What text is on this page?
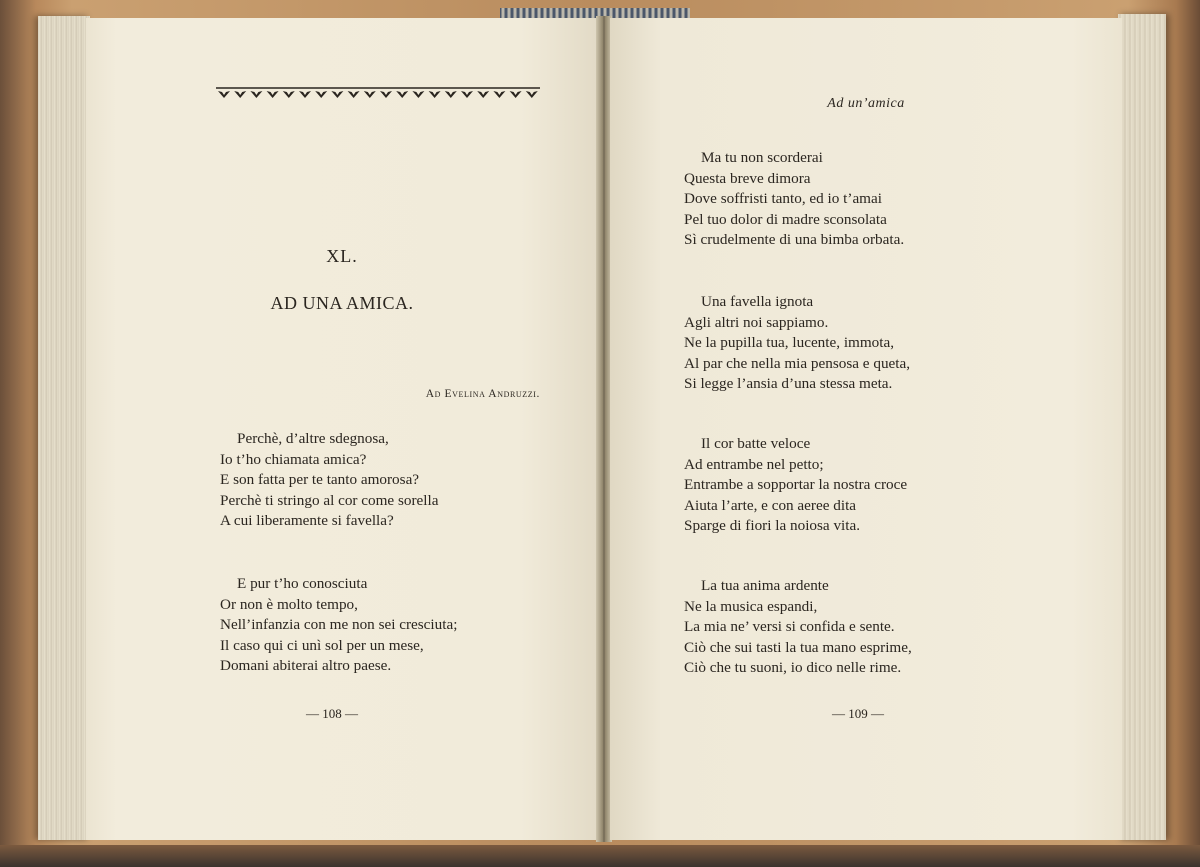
XL.
AD UNA AMICA.
Ad Evelina Andruzzi.
Perchè, d’altre sdegnosa,
Io t’ho chiamata amica?
E son fatta per te tanto amorosa?
Perchè ti stringo al cor come sorella
A cui liberamente si favella?
E pur t’ho conosciuta
Or non è molto tempo,
Nell’infanzia con me non sei cresciuta;
Il caso qui ci unì sol per un mese,
Domani abiterai altro paese.
— 108 —
Ad un’amica
Ma tu non scorderai
Questa breve dimora
Dove soffristi tanto, ed io t’amai
Pel tuo dolor di madre sconsolata
Sì crudelmente di una bimba orbata.
Una favella ignota
Agli altri noi sappiamo.
Ne la pupilla tua, lucente, immota,
Al par che nella mia pensosa e queta,
Si legge l’ansia d’una stessa meta.
Il cor batte veloce
Ad entrambe nel petto;
Entrambe a sopportar la nostra croce
Aiuta l’arte, e con aeree dita
Sparge di fiori la noiosa vita.
La tua anima ardente
Ne la musica espandi,
La mia ne’ versi si confida e sente.
Ciò che sui tasti la tua mano esprime,
Ciò che tu suoni, io dico nelle rime.
— 109 —
